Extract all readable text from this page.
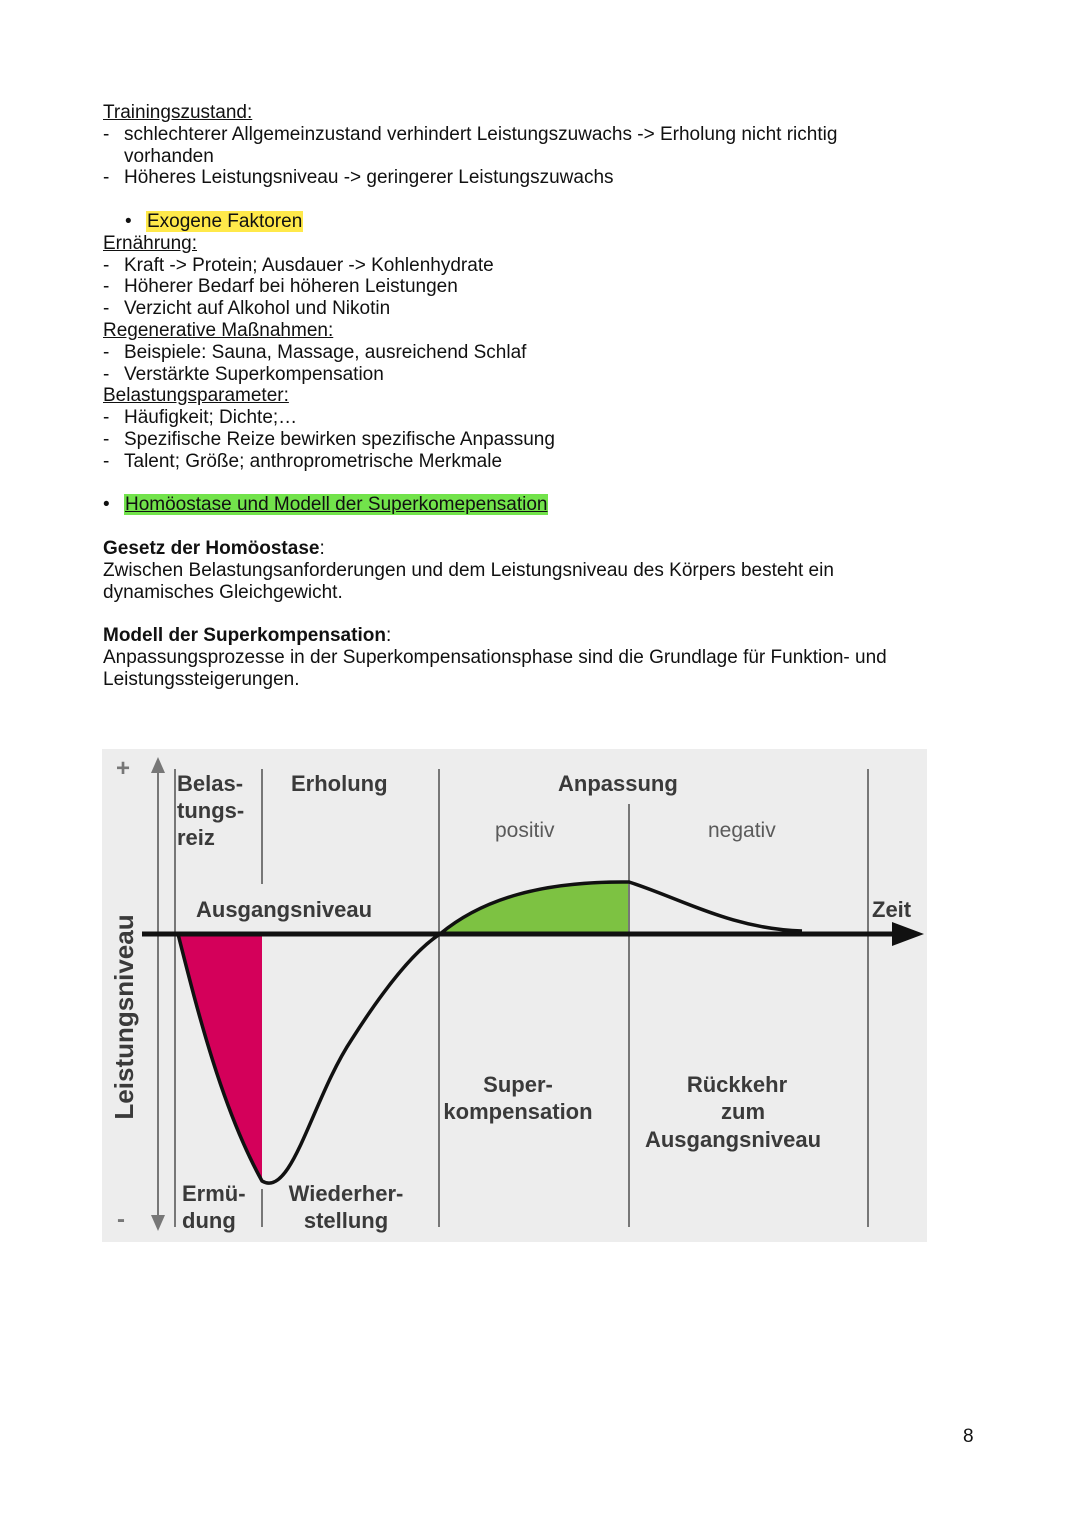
Trainingszustand:
- schlechterer Allgemeinzustand verhindert Leistungszuwachs -> Erholung nicht richtig
vorhanden
- Höheres Leistungsniveau -> geringerer Leistungszuwachs
• Exogene Faktoren
Ernährung:
- Kraft -> Protein; Ausdauer -> Kohlenhydrate
- Höherer Bedarf bei höheren Leistungen
- Verzicht auf Alkohol und Nikotin
Regenerative Maßnahmen:
- Beispiele: Sauna, Massage, ausreichend Schlaf
- Verstärkte Superkompensation
Belastungsparameter:
- Häufigkeit; Dichte;…
- Spezifische Reize bewirken spezifische Anpassung
- Talent; Größe; anthroprometrische Merkmale
• Homöostase und Modell der Superkomepensation
Gesetz der Homöostase:
Zwischen Belastungsanforderungen und dem Leistungsniveau des Körpers besteht ein
dynamisches Gleichgewicht.
Modell der Superkompensation:
Anpassungsprozesse in der Superkompensationsphase sind die Grundlage für Funktion- und
Leistungssteigerungen.
+
-
Leistungsniveau
Zeit
Ausgangsniveau
Belas-
tungs-
reiz
Erholung	Anpassung
positiv	negativ
Ermü-
dung
Wiederher-
stellung
Super-
kompensation
Rückkehr
zum
Ausgangsniveau
8
